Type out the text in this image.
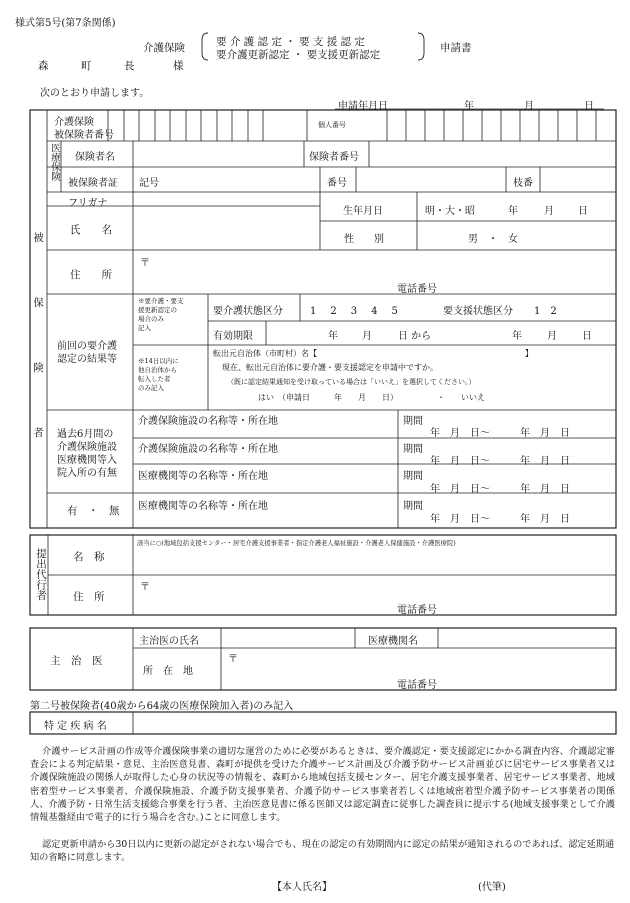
様式第5号(第7条関係)
介護保険	要 介 護 認 定 ・ 要 支 援 認 定
要介護更新認定 ・ 要支援更新認定
申請書
森　町　長	様
次のとおり申請します。
申請年月日	年	月	日
被　保　険　者
介護保険
被保険者番号
個人番号
医療保険 保険者名	保険者番号
被保険者証 記号	番号	枝番
フリガナ
氏　　名
生年月日	明・大・昭	年	月 日
性　　別	男　・　女
住　　所
〒
電話番号
前回の要介護
認定の結果等
※要介護・要支
援更新認定の
場合のみ
記入
要介護状態区分	1　2　3　4　5	要支援状態区分 1　2
有効期限	年 月	日 から	年	月	日
※14日以内に
他自治体から
転入した者
のみ記入
転出元自治体（市町村）名【	】
現在、転出元自治体に要介護・要支援認定を申請中ですか。
（既に認定結果通知を受け取っている場合は「いいえ」を選択してください。）
はい　（申請日　　　年　　月　　日）	・　　いいえ
過去6月間の
介護保険施設
医療機関等入
院入所の有無
有　・　無
介護保険施設の名称等・所在地	期間
年　月　日〜　　　年　月　日
介護保険施設の名称等・所在地	期間
年　月　日〜　　　年　月　日
医療機関等の名称等・所在地	期間
年　月　日〜　　　年　月　日
医療機関等の名称等・所在地	期間
年　月　日〜　　　年　月　日
提出代行者 名　称
該当に○(地域包括支援センター・居宅介護支援事業者・指定介護老人福祉施設・介護老人保健施設・介護医療院)
住　所
〒
電話番号
主　治　医
主治医の氏名	医療機関名
所　在　地
〒
電話番号
第二号被保険者(40歳から64歳の医療保険加入者)のみ記入
特 定 疾 病 名
介護サービス計画の作成等介護保険事業の適切な運営のために必要があるときは、要介護認定・要支援認定にかかる調査内容、介護認定審査会による判定結果・意見、主治医意見書、森町が提供を受けた介護サービス計画及び介護予防サービス計画並びに居宅サービス事業者又は介護保険施設の関係人が取得した心身の状況等の情報を、森町から地域包括支援センター、居宅介護支援事業者、居宅サービス事業者、地域密着型サービス事業者、介護保険施設、介護予防支援事業者、介護予防サービス事業者若しくは地域密着型介護予防サービス事業者の関係人、介護予防・日常生活支援総合事業を行う者、主治医意見書に係る医師又は認定調査に従事した調査員に提示する(地域支援事業として介護情報基盤経由で電子的に行う場合を含む。)ことに同意します。
認定更新申請から30日以内に更新の認定がされない場合でも、現在の認定の有効期間内に認定の結果が通知されるのであれば、認定延期通知の省略に同意します。
【本人氏名】	(代筆)
